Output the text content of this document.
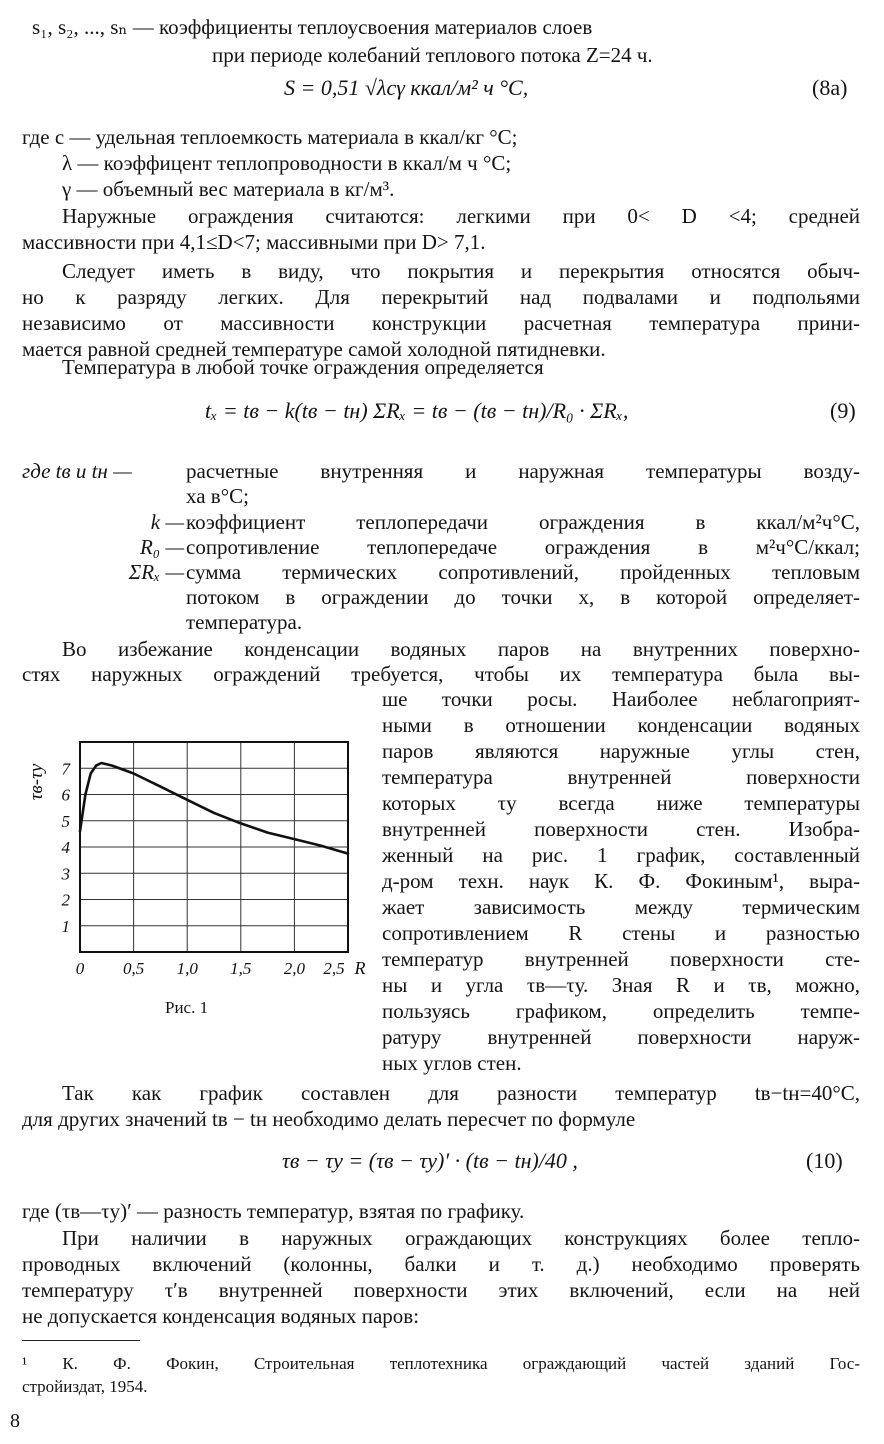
s₁, s₂, ..., sₙ — коэффициенты теплоусвоения материалов слоев
при периоде колебаний теплового потока Z=24 ч.
S = 0,51 √λcγ ккал/м² ч °С,	(8а)
где c — удельная теплоемкость материала в ккал/кг °С;
λ — коэффицент теплопроводности в ккал/м ч °С;
γ — объемный вес материала в кг/м³.
Наружные ограждения считаются: легкими при 0< D <4; средней
массивности при 4,1≤D<7; массивными при D> 7,1.
Следует иметь в виду, что покрытия и перекрытия относятся обыч-
но к разряду легких. Для перекрытий над подвалами и подпольями
независимо от массивности конструкции расчетная температура прини-
мается равной средней температуре самой холодной пятидневки.
Температура в любой точке ограждения определяется
tₓ = tв − k(tв − tн) ΣRₓ = tв − (tв − tн)/R₀ · ΣRₓ,	(9)
где tв и tн —	расчетные внутренняя и наружная температуры возду-
ха в°С;
k — коэффициент теплопередачи ограждения в ккал/м²ч°С,
R₀ — сопротивление теплопередаче ограждения в м²ч°С/ккал;
ΣRₓ — сумма термических сопротивлений, пройденных тепловым
потоком в ограждении до точки x, в которой определяет-
температура.
Во избежание конденсации водяных паров на внутренних поверхно-
стях наружных ограждений требуется, чтобы их температура была вы-
ше точки росы. Наиболее неблагоприят-
ными в отношении конденсации водяных
паров являются наружные углы стен,
температура внутренней поверхности
которых τу всегда ниже температуры
внутренней поверхности стен. Изобра-
женный на рис. 1 график, составленный
д-ром техн. наук К. Ф. Фокиным¹, выра-
жает зависимость между термическим
сопротивлением R стены и разностью
температур внутренней поверхности сте-
ны и угла τв—τу. Зная R и τв, можно,
пользуясь графиком, определить темпе-
ратуру внутренней поверхности наруж-
ных углов стен.
1
2
3
4
5
6
7
0 0,5 1,0 1,5 2,0 2,5 R
τв-τу
Рис. 1
Так как график составлен для разности температур tв−tн=40°С,
для других значений tв − tн необходимо делать пересчет по формуле
τв − τу = (τв − τу)′ · (tв − tн)/40 ,	(10)
где (τв—τу)′ — разность температур, взятая по графику.
При наличии в наружных ограждающих конструкциях более тепло-
проводных включений (колонны, балки и т. д.) необходимо проверять
температуру τ′в внутренней поверхности этих включений, если на ней
не допускается конденсация водяных паров:
¹ К. Ф. Фокин, Строительная теплотехника ограждающий частей зданий Гос-
стройиздат, 1954.
8
